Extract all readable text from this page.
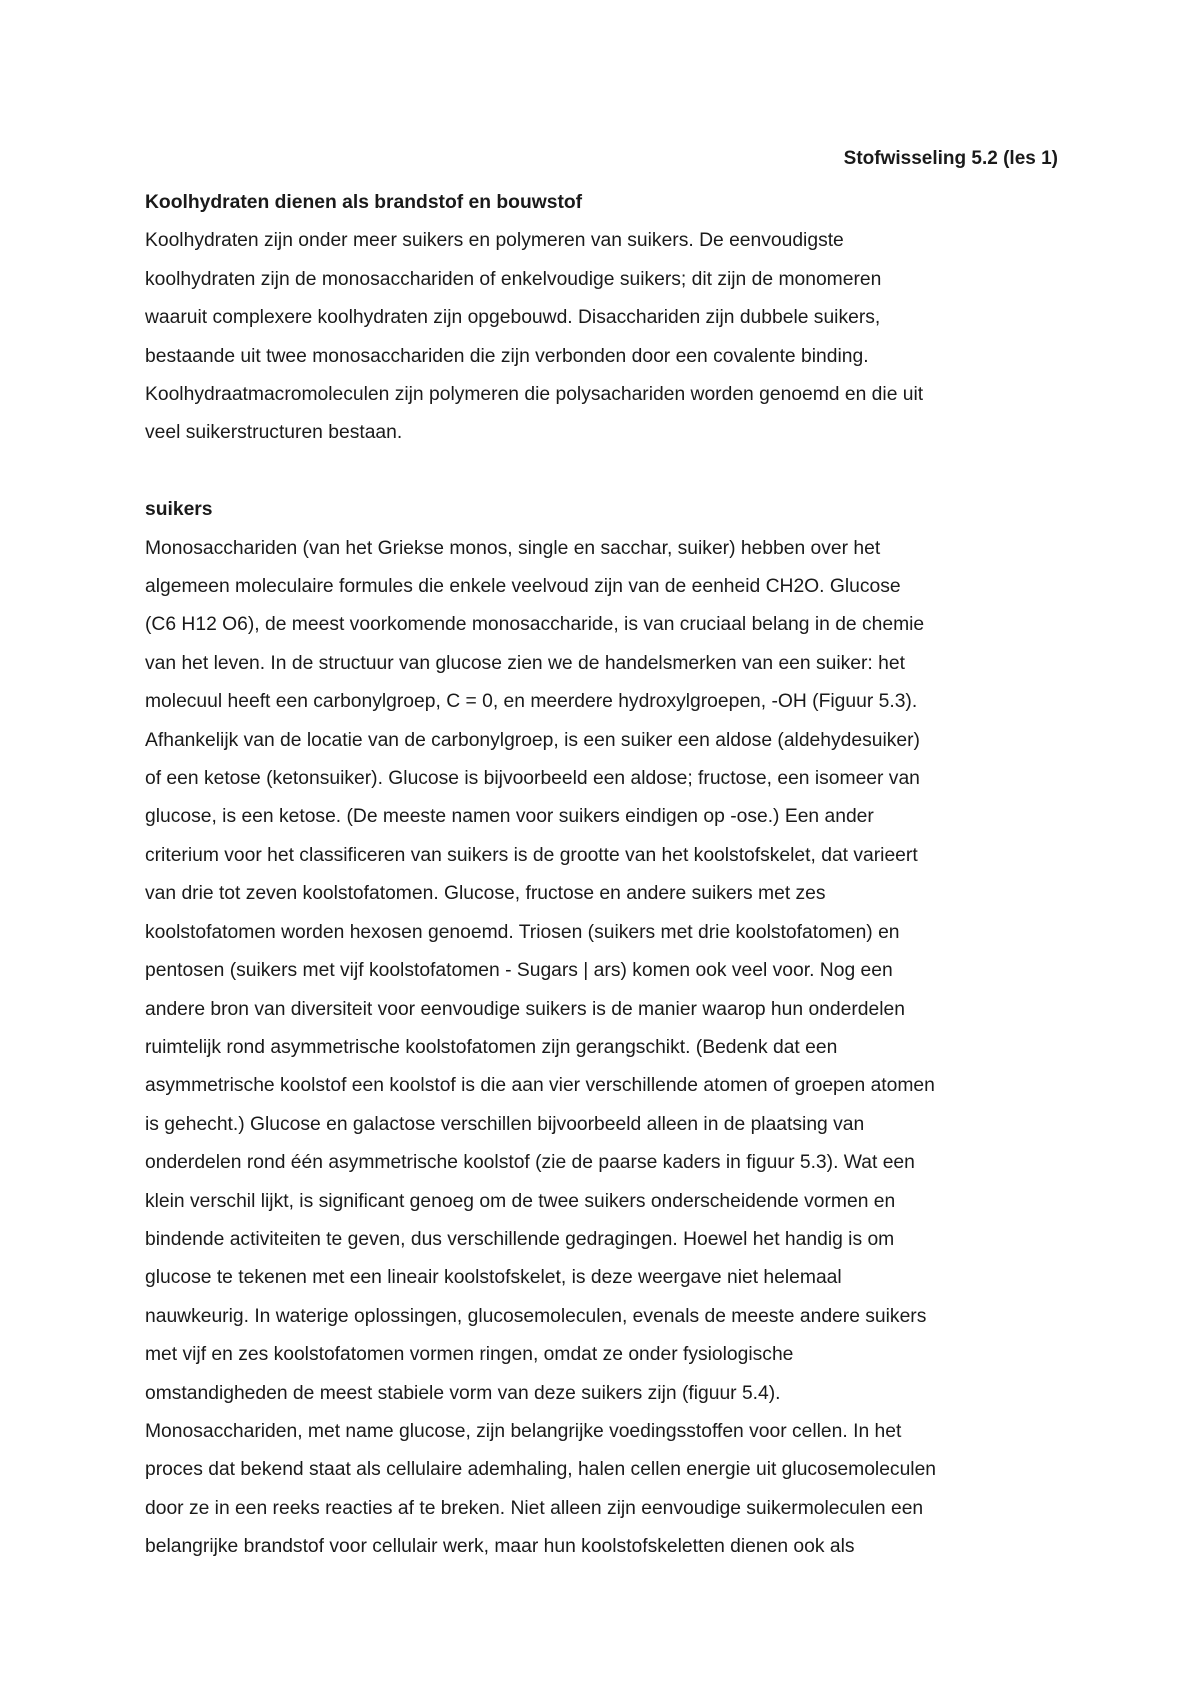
Stofwisseling 5.2 (les 1)
Koolhydraten dienen als brandstof en bouwstof
Koolhydraten zijn onder meer suikers en polymeren van suikers. De eenvoudigste
koolhydraten zijn de monosacchariden of enkelvoudige suikers; dit zijn de monomeren
waaruit complexere koolhydraten zijn opgebouwd. Disacchariden zijn dubbele suikers,
bestaande uit twee monosacchariden die zijn verbonden door een covalente binding.
Koolhydraatmacromoleculen zijn polymeren die polysachariden worden genoemd en die uit
veel suikerstructuren bestaan.
suikers
Monosacchariden (van het Griekse monos, single en sacchar, suiker) hebben over het
algemeen moleculaire formules die enkele veelvoud zijn van de eenheid CH2O. Glucose
(C6 H12 O6), de meest voorkomende monosaccharide, is van cruciaal belang in de chemie
van het leven. In de structuur van glucose zien we de handelsmerken van een suiker: het
molecuul heeft een carbonylgroep, C = 0, en meerdere hydroxylgroepen, -OH (Figuur 5.3).
Afhankelijk van de locatie van de carbonylgroep, is een suiker een aldose (aldehydesuiker)
of een ketose (ketonsuiker). Glucose is bijvoorbeeld een aldose; fructose, een isomeer van
glucose, is een ketose. (De meeste namen voor suikers eindigen op -ose.) Een ander
criterium voor het classificeren van suikers is de grootte van het koolstofskelet, dat varieert
van drie tot zeven koolstofatomen. Glucose, fructose en andere suikers met zes
koolstofatomen worden hexosen genoemd. Triosen (suikers met drie koolstofatomen) en
pentosen (suikers met vijf koolstofatomen - Sugars | ars) komen ook veel voor. Nog een
andere bron van diversiteit voor eenvoudige suikers is de manier waarop hun onderdelen
ruimtelijk rond asymmetrische koolstofatomen zijn gerangschikt. (Bedenk dat een
asymmetrische koolstof een koolstof is die aan vier verschillende atomen of groepen atomen
is gehecht.) Glucose en galactose verschillen bijvoorbeeld alleen in de plaatsing van
onderdelen rond één asymmetrische koolstof (zie de paarse kaders in figuur 5.3). Wat een
klein verschil lijkt, is significant genoeg om de twee suikers onderscheidende vormen en
bindende activiteiten te geven, dus verschillende gedragingen. Hoewel het handig is om
glucose te tekenen met een lineair koolstofskelet, is deze weergave niet helemaal
nauwkeurig. In waterige oplossingen, glucosemoleculen, evenals de meeste andere suikers
met vijf en zes koolstofatomen vormen ringen, omdat ze onder fysiologische
omstandigheden de meest stabiele vorm van deze suikers zijn (figuur 5.4).
Monosacchariden, met name glucose, zijn belangrijke voedingsstoffen voor cellen. In het
proces dat bekend staat als cellulaire ademhaling, halen cellen energie uit glucosemoleculen
door ze in een reeks reacties af te breken. Niet alleen zijn eenvoudige suikermoleculen een
belangrijke brandstof voor cellulair werk, maar hun koolstofskeletten dienen ook als
